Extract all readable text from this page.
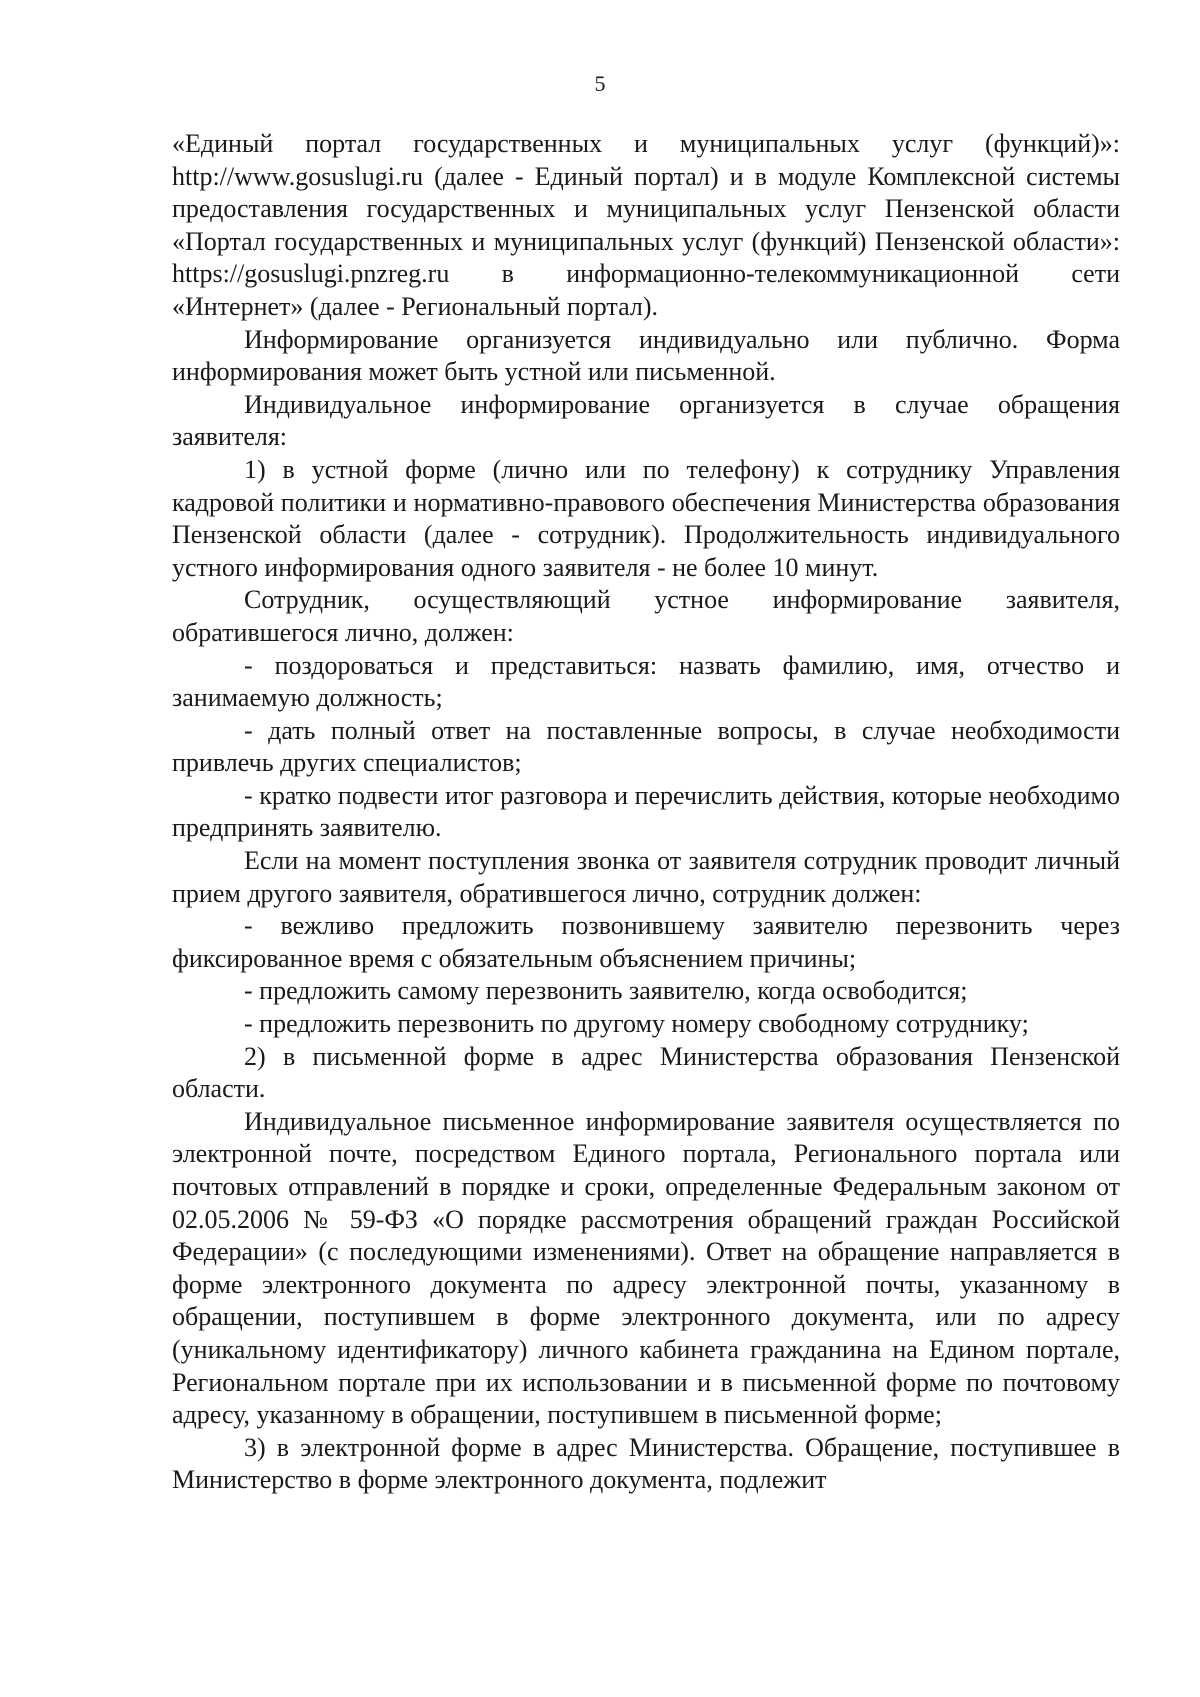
5

«Единый портал государственных и муниципальных услуг (функций)»: http://www.gosuslugi.ru (далее - Единый портал) и в модуле Комплексной системы предоставления государственных и муниципальных услуг Пензенской области «Портал государственных и муниципальных услуг (функций) Пензенской области»: https://gosuslugi.pnzreg.ru в информационно-телекоммуникационной сети «Интернет» (далее - Региональный портал).

Информирование организуется индивидуально или публично. Форма информирования может быть устной или письменной.

Индивидуальное информирование организуется в случае обращения заявителя:

1) в устной форме (лично или по телефону) к сотруднику Управления кадровой политики и нормативно-правового обеспечения Министерства образования Пензенской области (далее - сотрудник). Продолжительность индивидуального устного информирования одного заявителя - не более 10 минут.

Сотрудник, осуществляющий устное информирование заявителя, обратившегося лично, должен:

- поздороваться и представиться: назвать фамилию, имя, отчество и занимаемую должность;

- дать полный ответ на поставленные вопросы, в случае необходимости привлечь других специалистов;

- кратко подвести итог разговора и перечислить действия, которые необходимо предпринять заявителю.

Если на момент поступления звонка от заявителя сотрудник проводит личный прием другого заявителя, обратившегося лично, сотрудник должен:

- вежливо предложить позвонившему заявителю перезвонить через фиксированное время с обязательным объяснением причины;

- предложить самому перезвонить заявителю, когда освободится;

- предложить перезвонить по другому номеру свободному сотруднику;

2) в письменной форме в адрес Министерства образования Пензенской области.

Индивидуальное письменное информирование заявителя осуществляется по электронной почте, посредством Единого портала, Регионального портала или почтовых отправлений в порядке и сроки, определенные Федеральным законом от 02.05.2006 № 59-ФЗ «О порядке рассмотрения обращений граждан Российской Федерации» (с последующими изменениями). Ответ на обращение направляется в форме электронного документа по адресу электронной почты, указанному в обращении, поступившем в форме электронного документа, или по адресу (уникальному идентификатору) личного кабинета гражданина на Едином портале, Региональном портале при их использовании и в письменной форме по почтовому адресу, указанному в обращении, поступившем в письменной форме;

3) в электронной форме в адрес Министерства. Обращение, поступившее в Министерство в форме электронного документа, подлежит
